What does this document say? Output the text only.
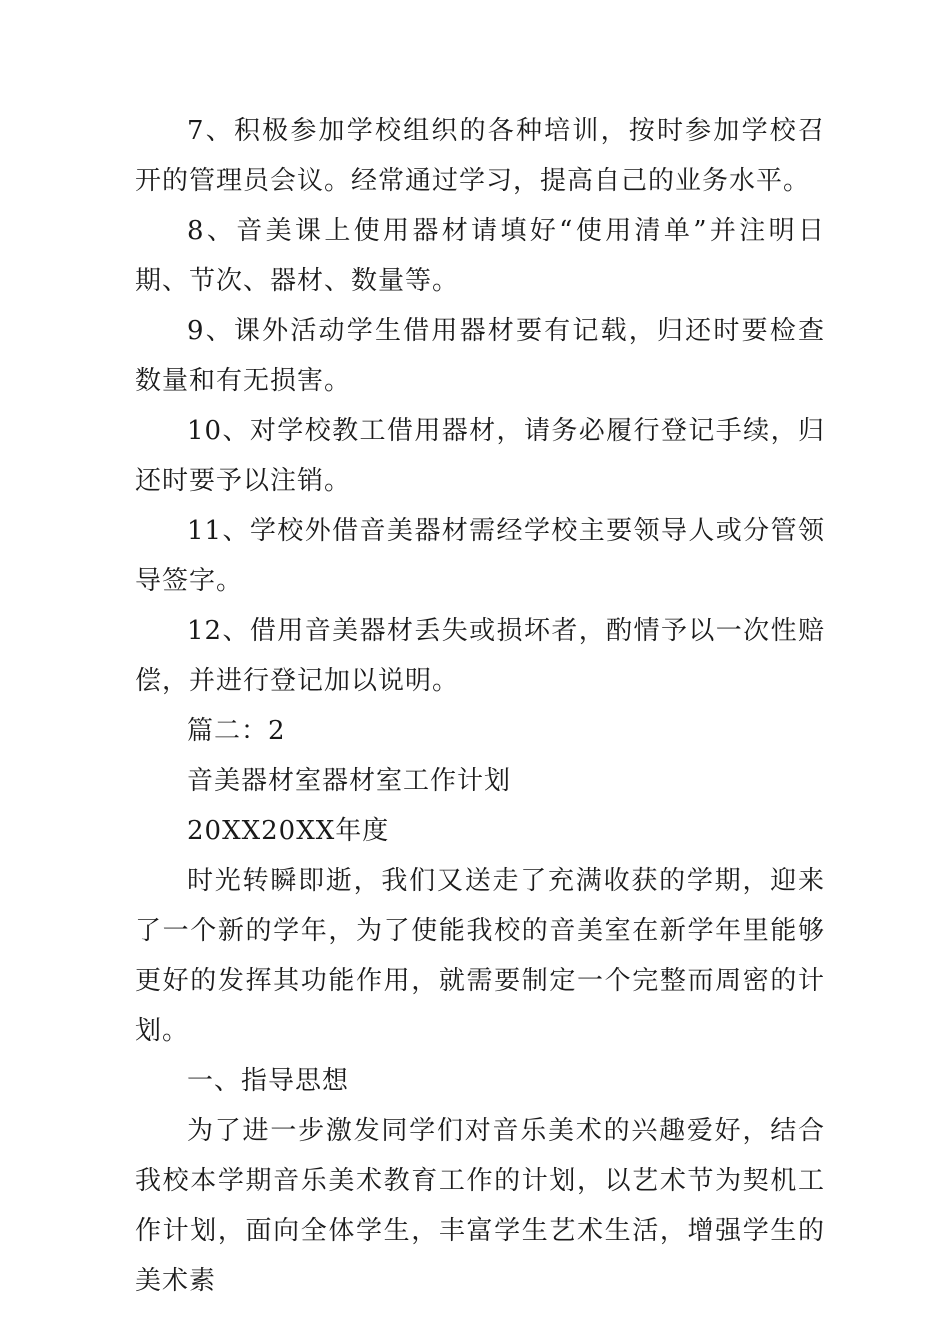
7、积极参加学校组织的各种培训，按时参加学校召开的管理员会议。经常通过学习，提高自己的业务水平。

8、音美课上使用器材请填好“使用清单”并注明日期、节次、器材、数量等。

9、课外活动学生借用器材要有记载，归还时要检查数量和有无损害。

10、对学校教工借用器材，请务必履行登记手续，归还时要予以注销。

11、学校外借音美器材需经学校主要领导人或分管领导签字。

12、借用音美器材丢失或损坏者，酌情予以一次性赔偿，并进行登记加以说明。

篇二：2

音美器材室器材室工作计划

20XX20XX年度

时光转瞬即逝，我们又送走了充满收获的学期，迎来了一个新的学年，为了使能我校的音美室在新学年里能够更好的发挥其功能作用，就需要制定一个完整而周密的计划。

一、指导思想

为了进一步激发同学们对音乐美术的兴趣爱好，结合我校本学期音乐美术教育工作的计划，以艺术节为契机工作计划，面向全体学生，丰富学生艺术生活，增强学生的美术素
